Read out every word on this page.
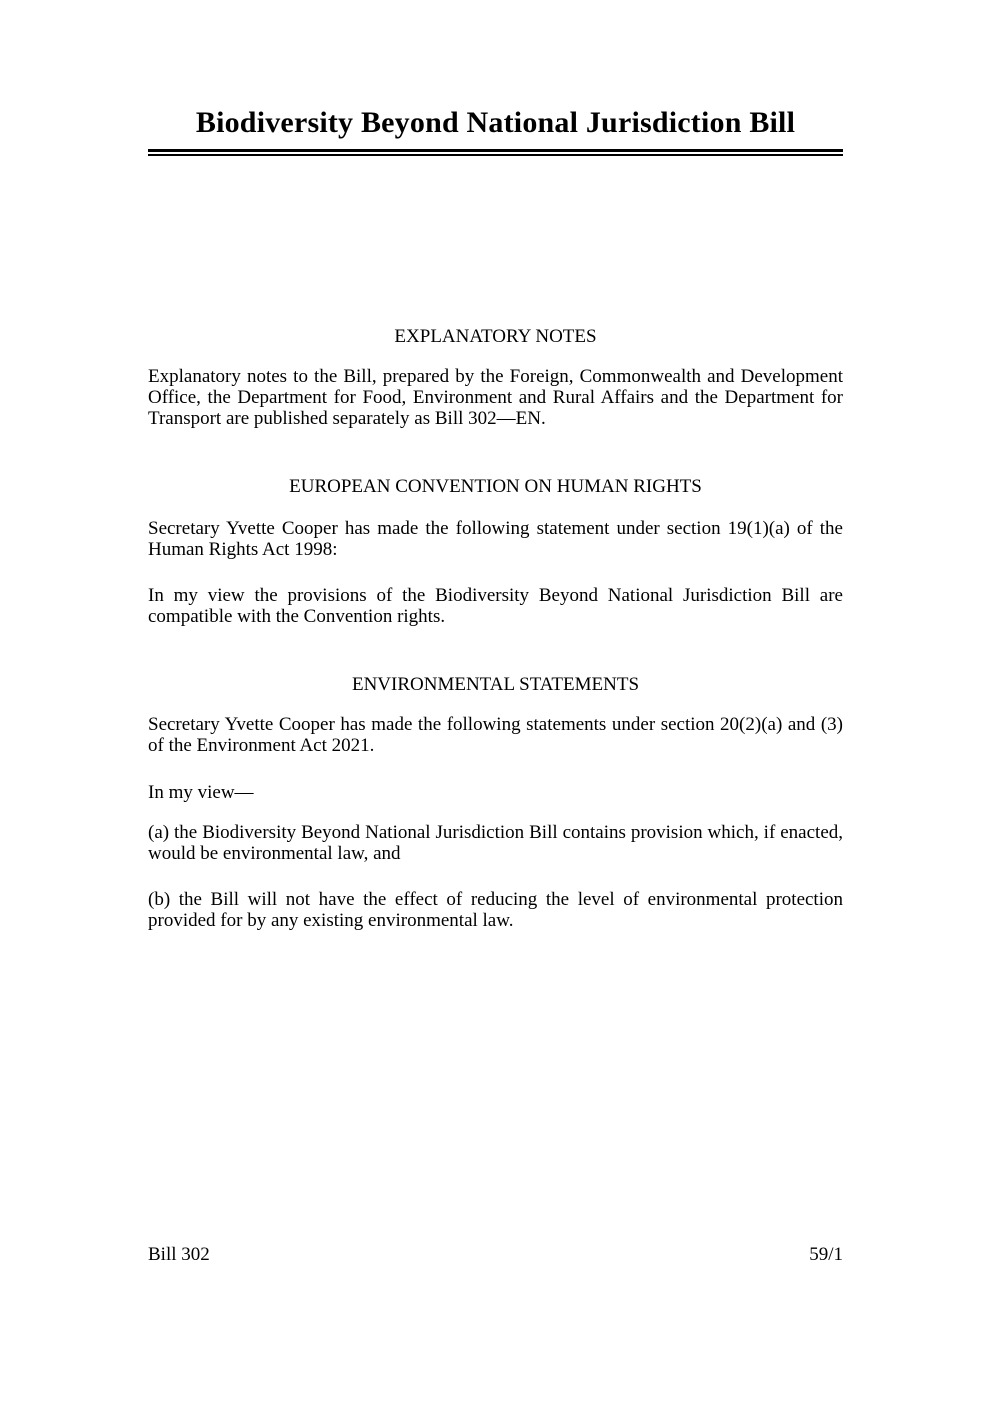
Biodiversity Beyond National Jurisdiction Bill
EXPLANATORY NOTES

Explanatory notes to the Bill, prepared by the Foreign, Commonwealth and Development Office, the Department for Food, Environment and Rural Affairs and the Department for Transport are published separately as Bill 302—EN.

EUROPEAN CONVENTION ON HUMAN RIGHTS

Secretary Yvette Cooper has made the following statement under section 19(1)(a) of the Human Rights Act 1998:

In my view the provisions of the Biodiversity Beyond National Jurisdiction Bill are compatible with the Convention rights.

ENVIRONMENTAL STATEMENTS

Secretary Yvette Cooper has made the following statements under section 20(2)(a) and (3) of the Environment Act 2021.

In my view—

(a) the Biodiversity Beyond National Jurisdiction Bill contains provision which, if enacted, would be environmental law, and

(b) the Bill will not have the effect of reducing the level of environmental protection provided for by any existing environmental law.

Bill 302	59/1
